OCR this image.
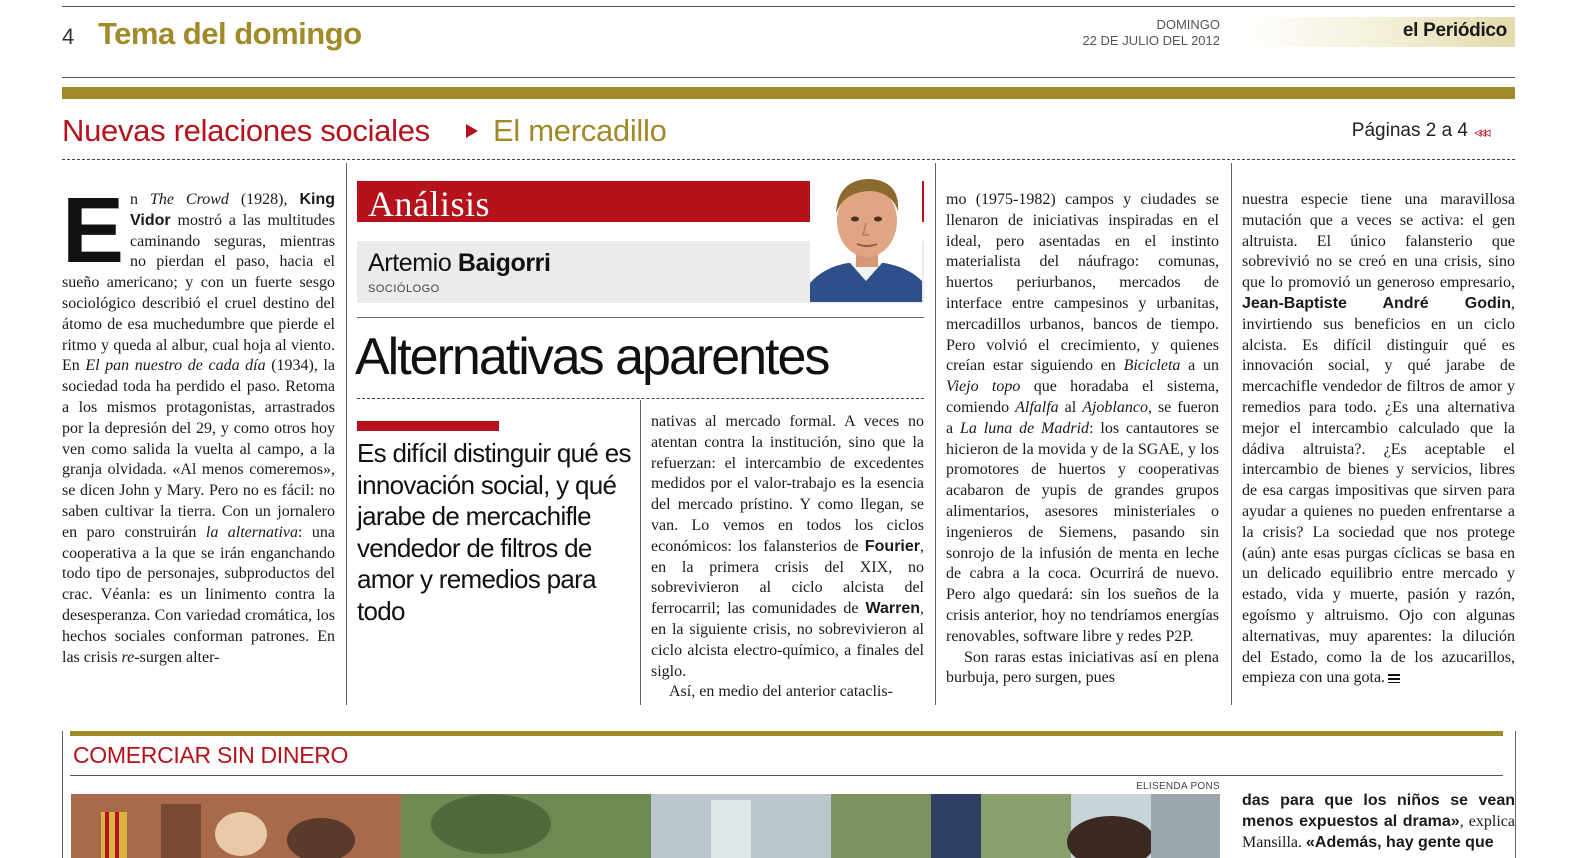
4 Tema del domingo	DOMINGO
22 DE JULIO DEL 2012	el Periódico
Nuevas relaciones sociales El mercadillo	Páginas 2 a 4 ◃◃◃
En The Crowd (1928), King Vidor mostró a las multitudes caminando seguras, mientras no pierdan el paso, hacia el sueño americano; y con un fuerte sesgo sociológico describió el cruel destino del átomo de esa muchedumbre que pierde el ritmo y queda al albur, cual hoja al viento. En El pan nuestro de cada día (1934), la sociedad toda ha perdido el paso. Retoma a los mismos protagonistas, arrastrados por la depresión del 29, y como otros hoy ven como salida la vuelta al campo, a la granja olvidada. «Al menos comeremos», se dicen John y Mary. Pero no es fácil: no saben cultivar la tierra. Con un jornalero en paro construirán la alternativa: una cooperativa a la que se irán enganchando todo tipo de personajes, subproductos del crac. Véanla: es un linimento contra la desesperanza. Con variedad cromática, los hechos sociales conforman patrones. En las crisis re-surgen alter-
Análisis
Artemio Baigorri
SOCIÓLOGO
Alternativas aparentes
Es difícil distinguir qué es innovación social, y qué jarabe de mercachifle vendedor de filtros de amor y remedios para todo

nativas al mercado formal. A veces no atentan contra la institución, sino que la refuerzan: el intercambio de excedentes medidos por el valor-trabajo es la esencia del mercado prístino. Y como llegan, se van. Lo vemos en todos los ciclos económicos: los falansterios de Fourier, en la primera crisis del XIX, no sobrevivieron al ciclo alcista del ferrocarril; las comunidades de Warren, en la siguiente crisis, no sobrevivieron al ciclo alcista electro-químico, a finales del siglo.

Así, en medio del anterior cataclis-

mo (1975-1982) campos y ciudades se llenaron de iniciativas inspiradas en el ideal, pero asentadas en el instinto materialista del náufrago: comunas, huertos periurbanos, mercados de interface entre campesinos y urbanitas, mercadillos urbanos, bancos de tiempo. Pero volvió el crecimiento, y quienes creían estar siguiendo en Bicicleta a un Viejo topo que horadaba el sistema, comiendo Alfalfa al Ajoblanco, se fueron a La luna de Madrid: los cantautores se hicieron de la movida y de la SGAE, y los promotores de huertos y cooperativas acabaron de yupis de grandes grupos alimentarios, asesores ministeriales o ingenieros de Siemens, pasando sin sonrojo de la infusión de menta en leche de cabra a la coca. Ocurrirá de nuevo. Pero algo quedará: sin los sueños de la crisis anterior, hoy no tendríamos energías renovables, software libre y redes P2P.

Son raras estas iniciativas así en plena burbuja, pero surgen, pues

nuestra especie tiene una maravillosa mutación que a veces se activa: el gen altruista. El único falansterio que sobrevivió no se creó en una crisis, sino que lo promovió un generoso empresario, Jean-Baptiste André Godin, invirtiendo sus beneficios en un ciclo alcista. Es difícil distinguir qué es innovación social, y qué jarabe de mercachifle vendedor de filtros de amor y remedios para todo. ¿Es una alternativa mejor el intercambio calculado que la dádiva altruista?. ¿Es aceptable el intercambio de bienes y servicios, libres de esa cargas impositivas que sirven para ayudar a quienes no pueden enfrentarse a la crisis? La sociedad que nos protege (aún) ante esas purgas cíclicas se basa en un delicado equilibrio entre mercado y estado, vida y muerte, pasión y razón, egoísmo y altruismo. Ojo con algunas alternativas, muy aparentes: la dilución del Estado, como la de los azucarillos, empieza con una gota.
COMERCIAR SIN DINERO
ELISENDA PONS
das para que los niños se vean menos expuestos al drama», explica Mansilla. «Además, hay gente que
